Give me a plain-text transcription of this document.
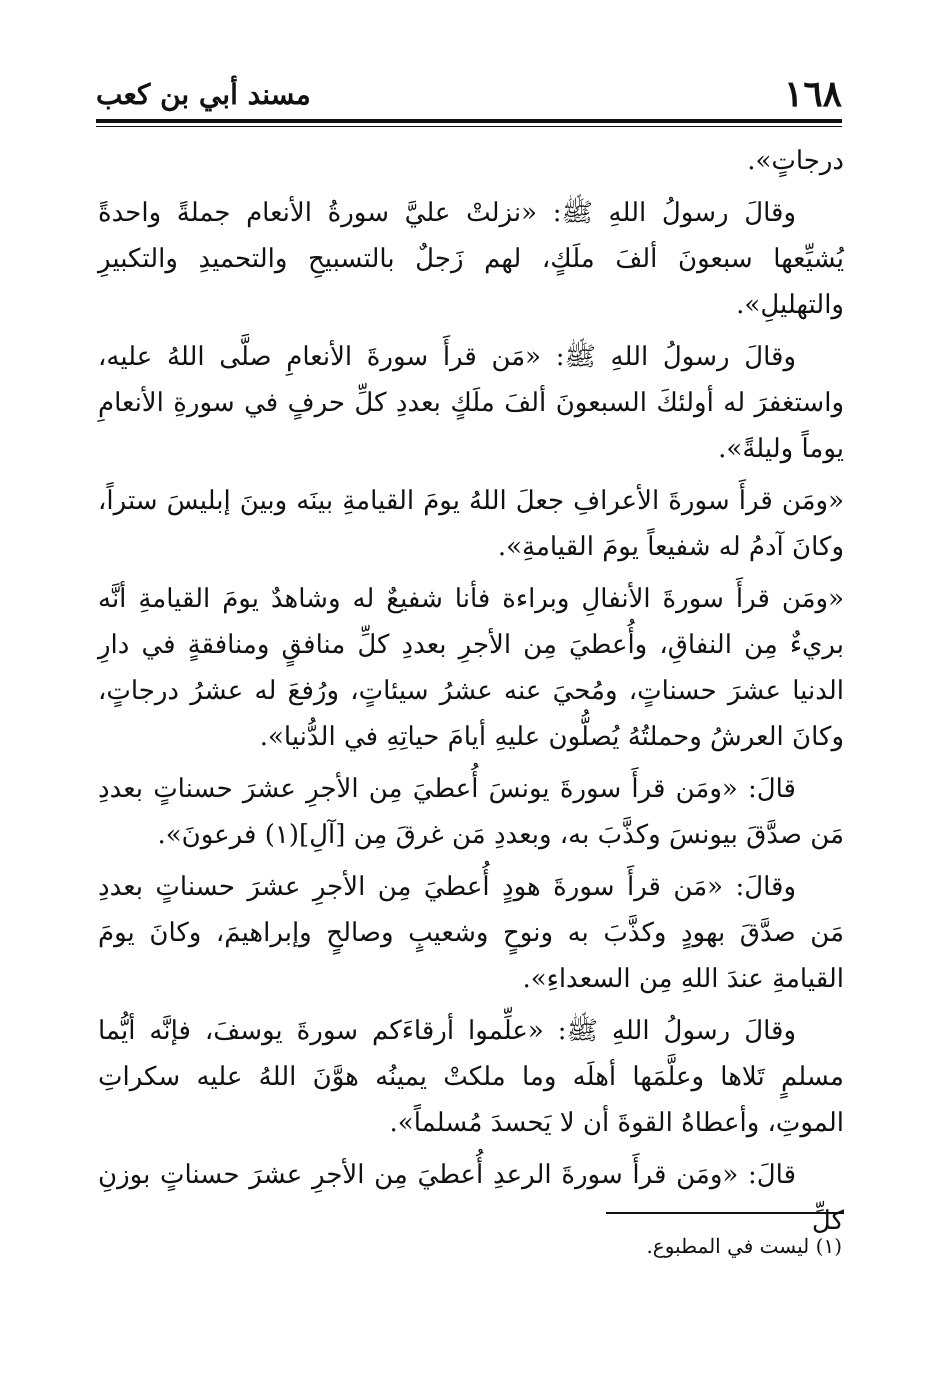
١٦٨
مسند أبي بن كعب

درجاتٍ».

وقالَ رسولُ اللهِ ﷺ: «نزلتْ عليَّ سورةُ الأنعام جملةً واحدةً يُشيِّعها سبعونَ ألفَ ملَكٍ، لهم زَجلٌ بالتسبيحِ والتحميدِ والتكبيرِ والتهليلِ».

وقالَ رسولُ اللهِ ﷺ: «مَن قرأَ سورةَ الأنعامِ صلَّى اللهُ عليه، واستغفرَ له أولئكَ السبعونَ ألفَ ملَكٍ بعددِ كلِّ حرفٍ في سورةِ الأنعامِ يوماً وليلةً».

«ومَن قرأَ سورةَ الأعرافِ جعلَ اللهُ يومَ القيامةِ بينَه وبينَ إبليسَ ستراً، وكانَ آدمُ له شفيعاً يومَ القيامةِ».

«ومَن قرأَ سورةَ الأنفالِ وبراءة فأنا شفيعٌ له وشاهدٌ يومَ القيامةِ أنَّه بريءٌ مِن النفاقِ، وأُعطيَ مِن الأجرِ بعددِ كلِّ منافقٍ ومنافقةٍ في دارِ الدنيا عشرَ حسناتٍ، ومُحيَ عنه عشرُ سيئاتٍ، ورُفعَ له عشرُ درجاتٍ، وكانَ العرشُ وحملتُهُ يُصلُّون عليهِ أيامَ حياتِهِ في الدُّنيا».

قالَ: «ومَن قرأَ سورةَ يونسَ أُعطيَ مِن الأجرِ عشرَ حسناتٍ بعددِ مَن صدَّقَ بيونسَ وكذَّبَ به، وبعددِ مَن غرقَ مِن [آلِ](١) فرعونَ».

وقالَ: «مَن قرأَ سورةَ هودٍ أُعطيَ مِن الأجرِ عشرَ حسناتٍ بعددِ مَن صدَّقَ بهودٍ وكذَّبَ به ونوحٍ وشعيبٍ وصالحٍ وإبراهيمَ، وكانَ يومَ القيامةِ عندَ اللهِ مِن السعداءِ».

وقالَ رسولُ اللهِ ﷺ: «علِّموا أرقاءَكم سورةَ يوسفَ، فإنَّه أيُّما مسلمٍ تَلاها وعلَّمَها أهلَه وما ملكتْ يمينُه هوَّنَ اللهُ عليه سكراتِ الموتِ، وأعطاهُ القوةَ أن لا يَحسدَ مُسلماً».

قالَ: «ومَن قرأَ سورةَ الرعدِ أُعطيَ مِن الأجرِ عشرَ حسناتٍ بوزنِ كلِّ

(١) ليست في المطبوع.
